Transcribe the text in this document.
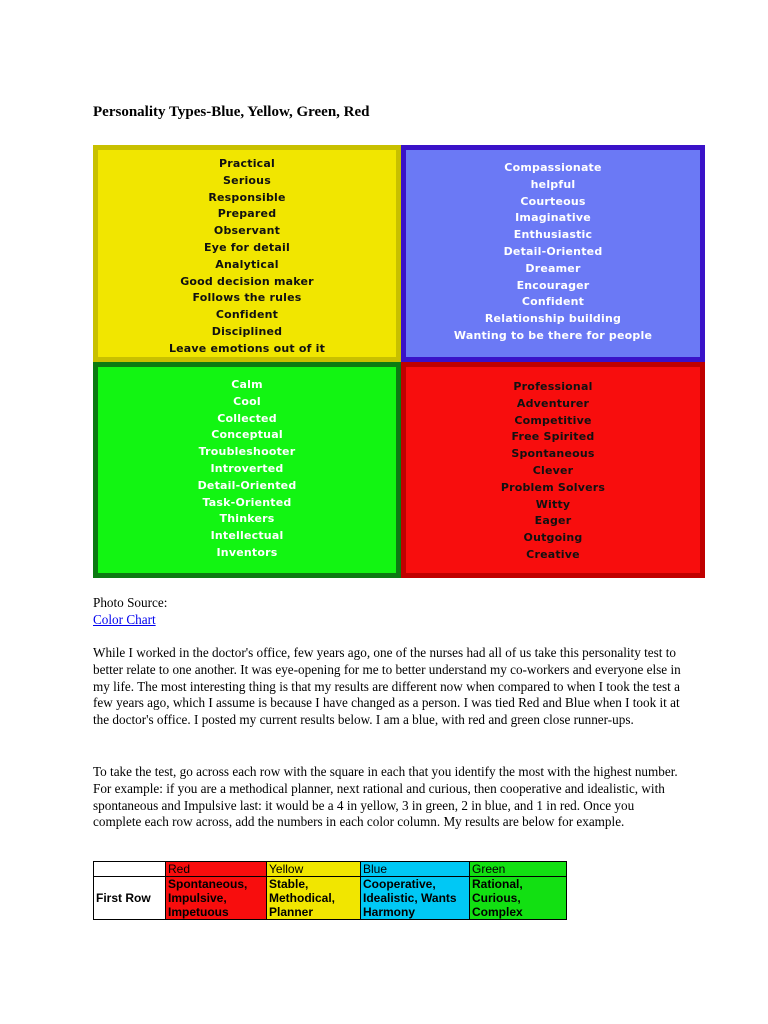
Personality Types-Blue, Yellow, Green, Red
Practical
Serious
Responsible
Prepared
Observant
Eye for detail
Analytical
Good decision maker
Follows the rules
Confident
Disciplined
Leave emotions out of it
Compassionate
helpful
Courteous
Imaginative
Enthusiastic
Detail-Oriented
Dreamer
Encourager
Confident
Relationship building
Wanting to be there for people
Calm
Cool
Collected
Conceptual
Troubleshooter
Introverted
Detail-Oriented
Task-Oriented
Thinkers
Intellectual
Inventors
Professional
Adventurer
Competitive
Free Spirited
Spontaneous
Clever
Problem Solvers
Witty
Eager
Outgoing
Creative
Photo Source:
Color Chart
While I worked in the doctor's office, few years ago, one of the nurses had all of us take this personality test to better relate to one another. It was eye-opening for me to better understand my co-workers and everyone else in my life. The most interesting thing is that my results are different now when compared to when I took the test a few years ago, which I assume is because I have changed as a person. I was tied Red and Blue when I took it at the doctor's office. I posted my current results below. I am a blue, with red and green close runner-ups.
To take the test, go across each row with the square in each that you identify the most with the highest number. For example: if you are a methodical planner, next rational and curious, then cooperative and idealistic, with spontaneous and Impulsive last: it would be a 4 in yellow, 3 in green, 2 in blue, and 1 in red. Once you complete each row across, add the numbers in each color column. My results are below for example.
	Red	Yellow	Blue	Green
First Row	Spontaneous, Impulsive, Impetuous	Stable, Methodical, Planner	Cooperative, Idealistic, Wants Harmony	Rational, Curious, Complex
